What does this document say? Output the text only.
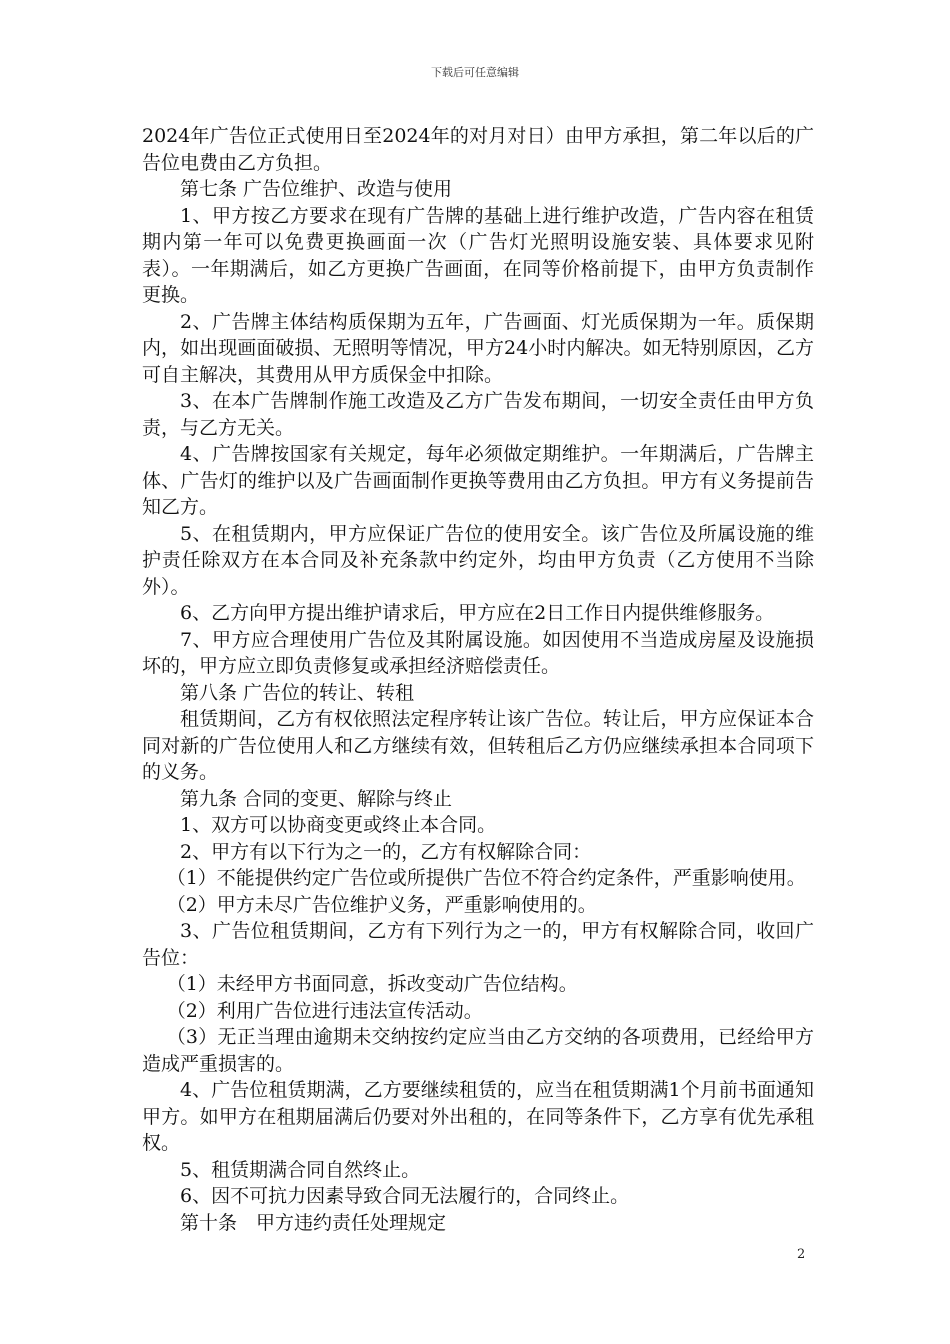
下载后可任意编辑

2024年广告位正式使用日至2024年的对月对日）由甲方承担，第二年以后的广告位电费由乙方负担。

第七条 广告位维护、改造与使用

1、甲方按乙方要求在现有广告牌的基础上进行维护改造，广告内容在租赁期内第一年可以免费更换画面一次（广告灯光照明设施安装、具体要求见附表）。一年期满后，如乙方更换广告画面，在同等价格前提下，由甲方负责制作更换。

2、广告牌主体结构质保期为五年，广告画面、灯光质保期为一年。质保期内，如出现画面破损、无照明等情况，甲方24小时内解决。如无特别原因，乙方可自主解决，其费用从甲方质保金中扣除。

3、在本广告牌制作施工改造及乙方广告发布期间，一切安全责任由甲方负责，与乙方无关。

4、广告牌按国家有关规定，每年必须做定期维护。一年期满后，广告牌主体、广告灯的维护以及广告画面制作更换等费用由乙方负担。甲方有义务提前告知乙方。

5、在租赁期内，甲方应保证广告位的使用安全。该广告位及所属设施的维护责任除双方在本合同及补充条款中约定外，均由甲方负责（乙方使用不当除外）。

6、乙方向甲方提出维护请求后，甲方应在2日工作日内提供维修服务。

7、甲方应合理使用广告位及其附属设施。如因使用不当造成房屋及设施损坏的，甲方应立即负责修复或承担经济赔偿责任。

第八条 广告位的转让、转租

租赁期间，乙方有权依照法定程序转让该广告位。转让后，甲方应保证本合同对新的广告位使用人和乙方继续有效，但转租后乙方仍应继续承担本合同项下的义务。

第九条 合同的变更、解除与终止

1、双方可以协商变更或终止本合同。

2、甲方有以下行为之一的，乙方有权解除合同：

（1）不能提供约定广告位或所提供广告位不符合约定条件，严重影响使用。

（2）甲方未尽广告位维护义务，严重影响使用的。

3、广告位租赁期间，乙方有下列行为之一的，甲方有权解除合同，收回广告位：

（1）未经甲方书面同意，拆改变动广告位结构。

（2）利用广告位进行违法宣传活动。

（3）无正当理由逾期未交纳按约定应当由乙方交纳的各项费用，已经给甲方造成严重损害的。

4、广告位租赁期满，乙方要继续租赁的，应当在租赁期满1个月前书面通知甲方。如甲方在租期届满后仍要对外出租的，在同等条件下，乙方享有优先承租权。

5、租赁期满合同自然终止。

6、因不可抗力因素导致合同无法履行的，合同终止。

第十条　甲方违约责任处理规定

2
